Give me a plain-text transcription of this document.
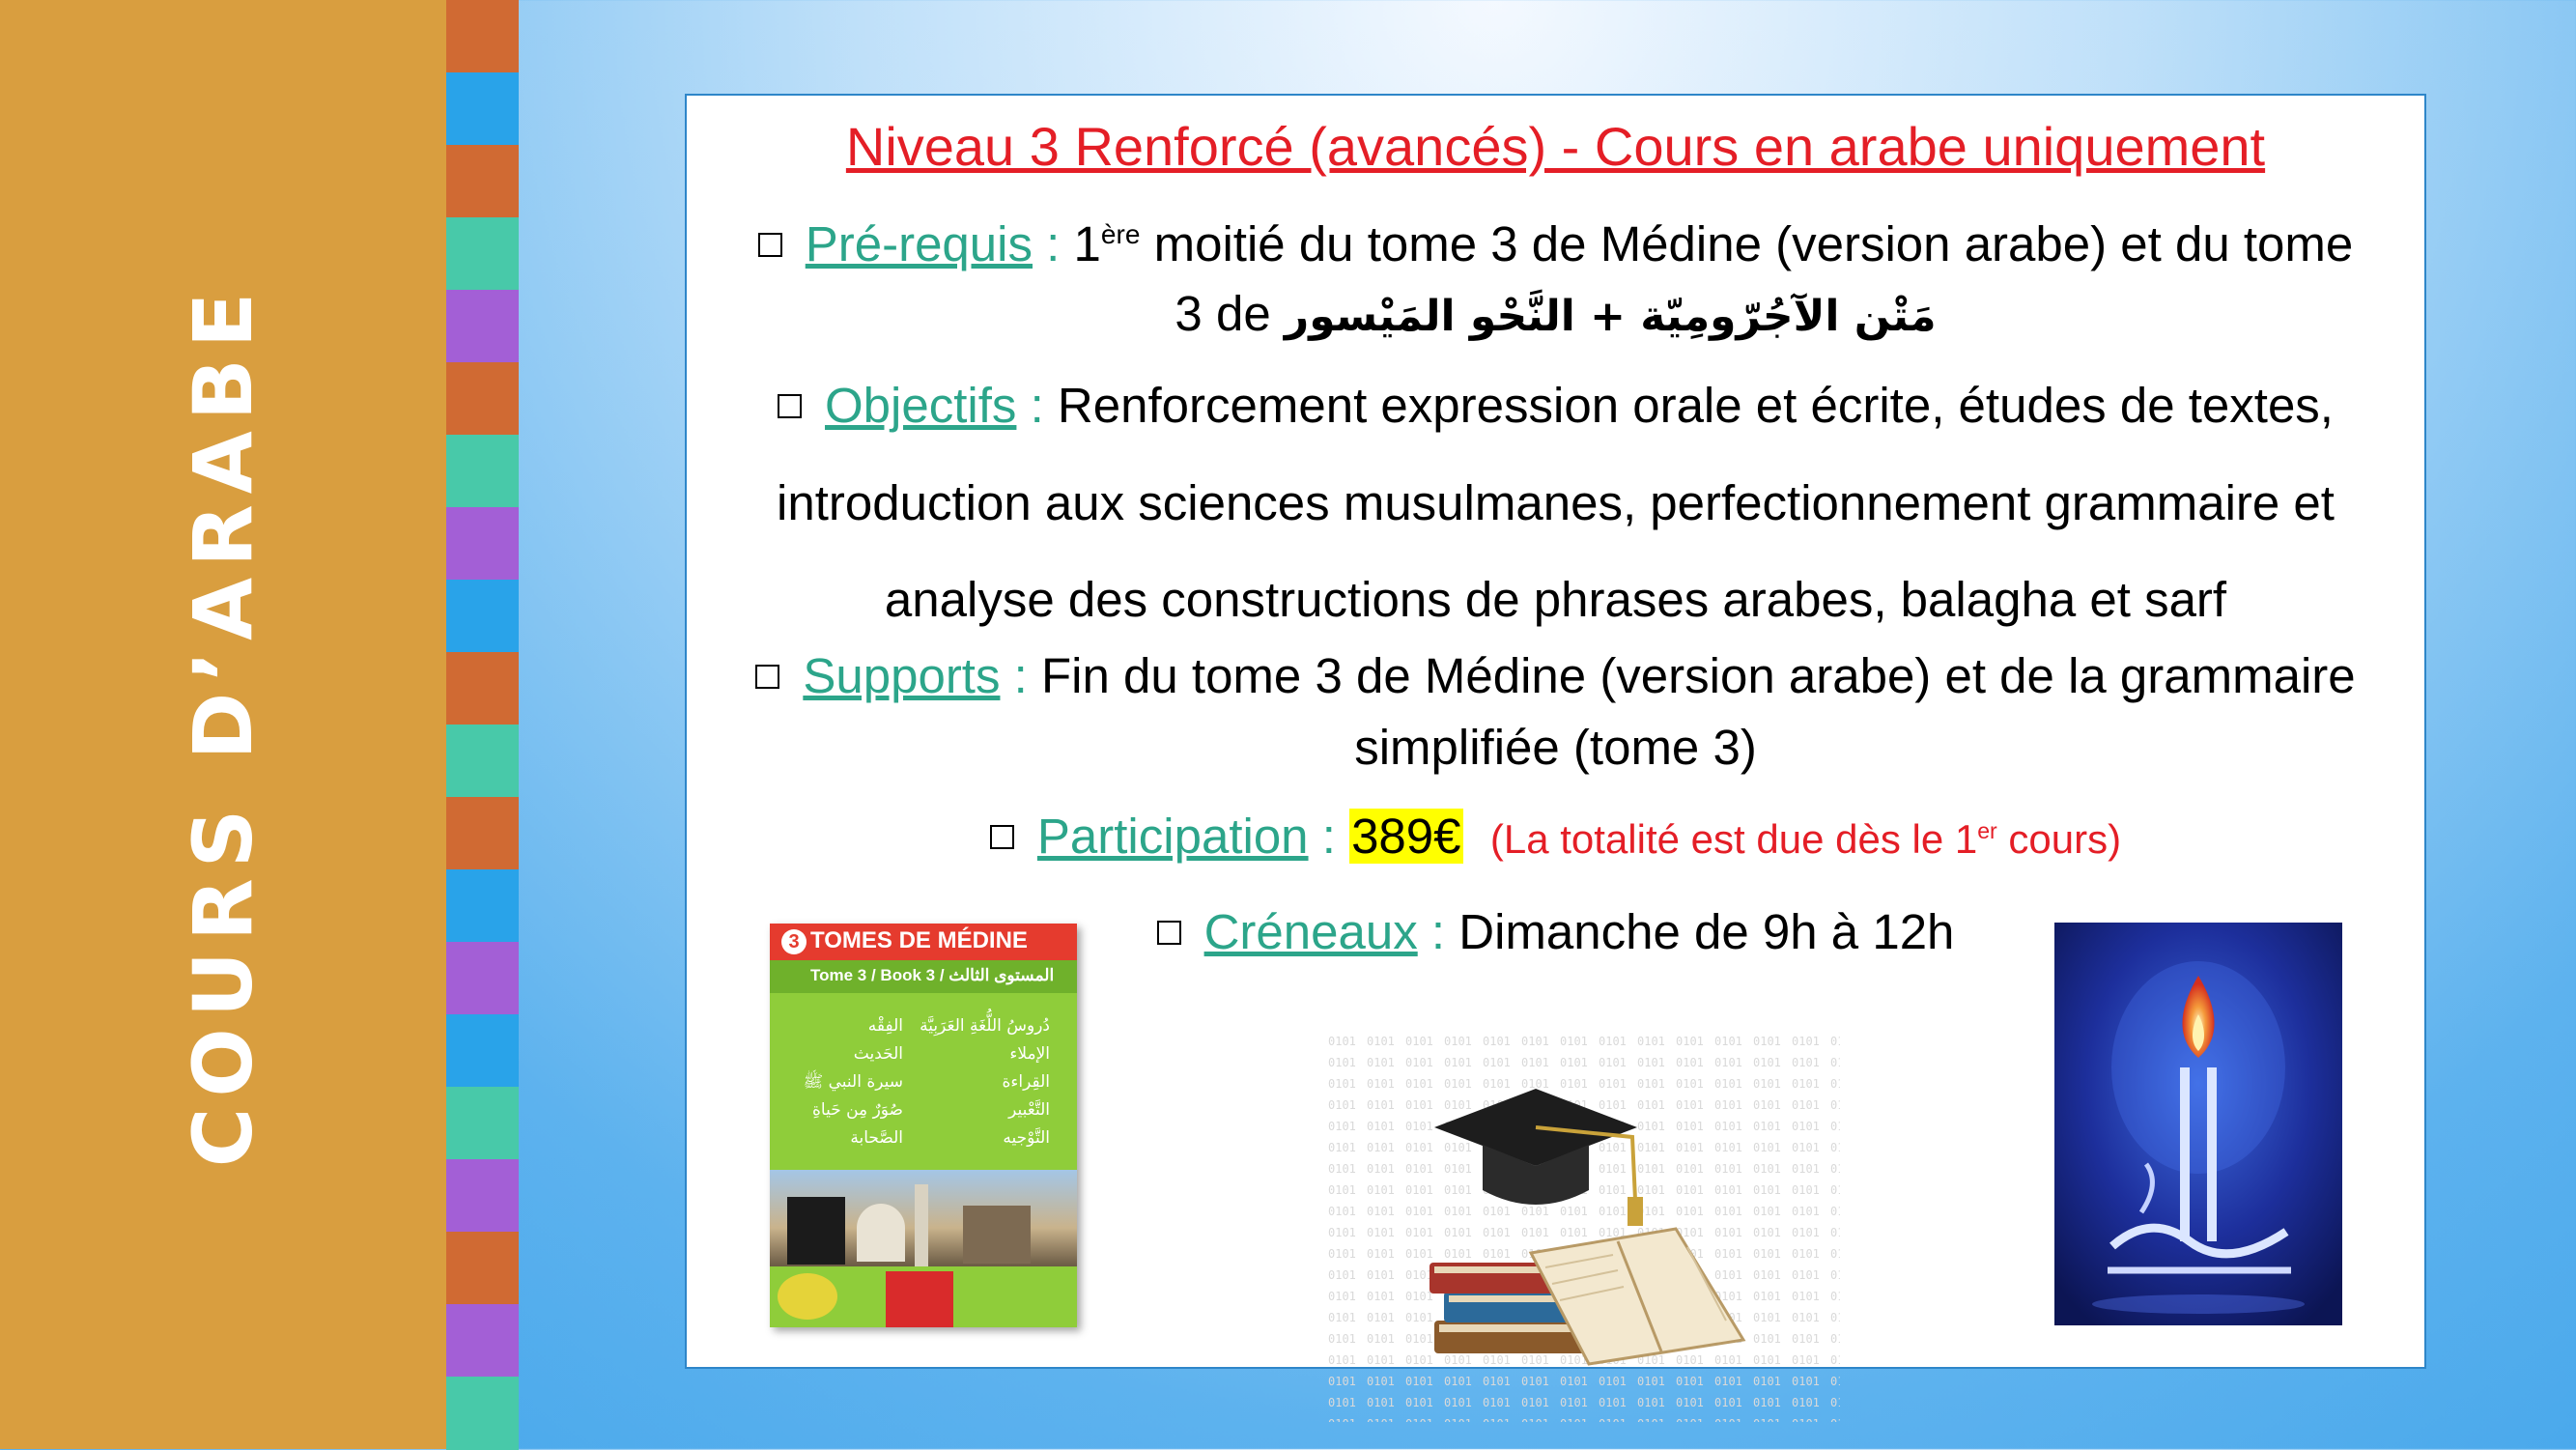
COURS D’ARABE
Niveau 3 Renforcé (avancés) - Cours en arabe uniquement
Pré-requis : 1ère moitié du tome 3 de Médine (version arabe) et du tome
3 de مَتْن الآجُرّومِيّة + النَّحْو المَيْسور
Objectifs : Renforcement expression orale et écrite, études de textes,
introduction aux sciences musulmanes, perfectionnement grammaire et
analyse des constructions de phrases arabes, balagha et sarf
Supports : Fin du tome 3 de Médine (version arabe) et de la grammaire
simplifiée (tome 3)
Participation : 389€ (La totalité est due dès le 1er cours)
Créneaux : Dimanche de 9h à 12h
3 TOMES DE MÉDINE
Tome 3 / Book 3 / المستوى الثالث
دُروسُ اللُّغَةِ العَرَبِيَّة
الإملاء
القِراءة
التَّعْبير
التَّوْجيه
الفِقْه
الحَديث
سيرة النبي ﷺ
صُوَرٌ مِن حَياةِ الصَّحابة
